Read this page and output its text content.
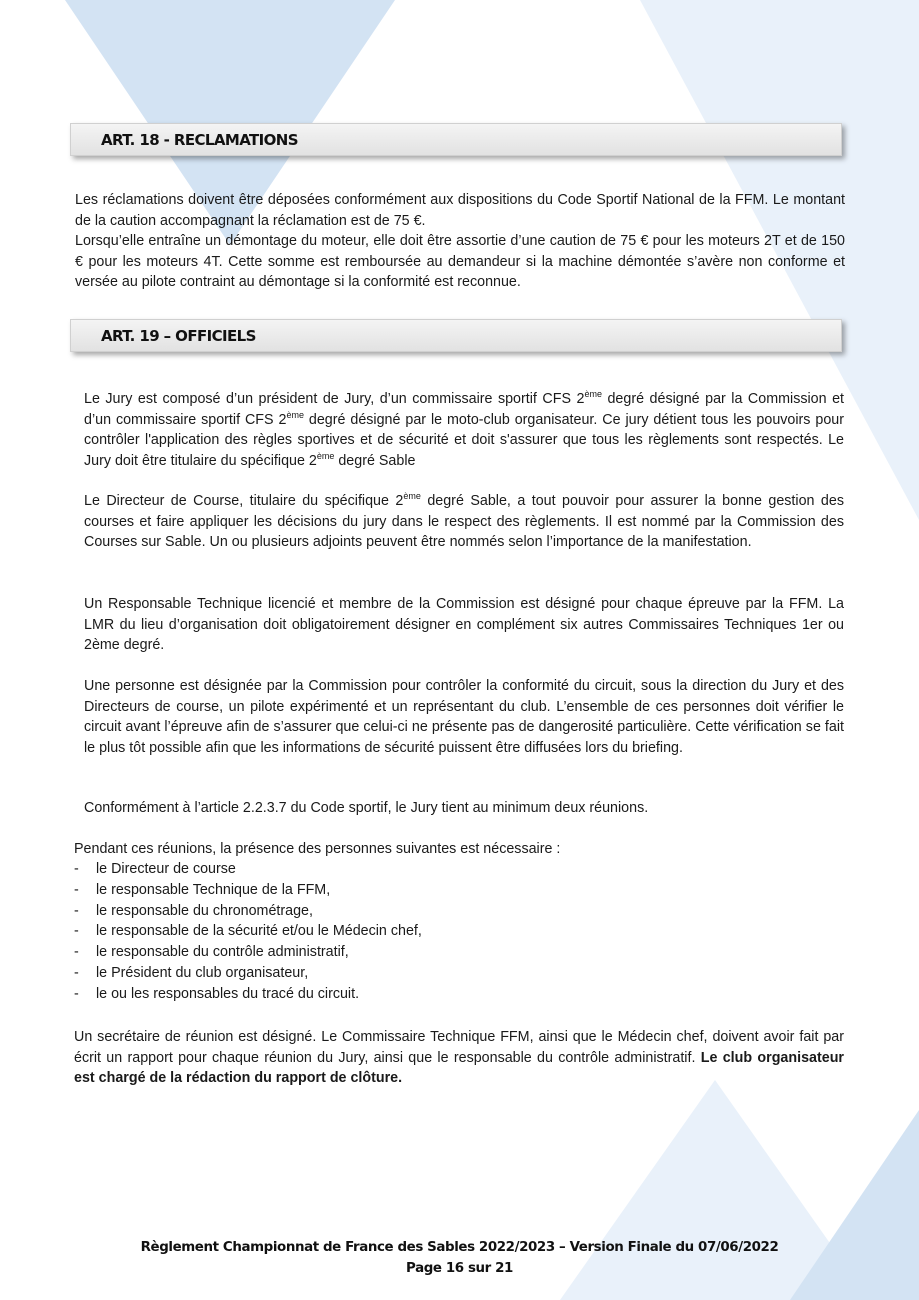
ART. 18 - RECLAMATIONS

Les réclamations doivent être déposées conformément aux dispositions du Code Sportif National de la FFM. Le montant de la caution accompagnant la réclamation est de 75 €.

Lorsqu’elle entraîne un démontage du moteur, elle doit être assortie d’une caution de 75 € pour les moteurs 2T et de 150 € pour les moteurs 4T. Cette somme est remboursée au demandeur si la machine démontée s’avère non conforme et versée au pilote contraint au démontage si la conformité est reconnue.

ART. 19 – OFFICIELS

Le Jury est composé d’un président de Jury, d’un commissaire sportif CFS 2ème degré désigné par la Commission et d’un commissaire sportif CFS 2ème degré désigné par le moto-club organisateur. Ce jury détient tous les pouvoirs pour contrôler l'application des règles sportives et de sécurité et doit s'assurer que tous les règlements sont respectés. Le Jury doit être titulaire du spécifique 2ème degré Sable

Le Directeur de Course, titulaire du spécifique 2ème degré Sable, a tout pouvoir pour assurer la bonne gestion des courses et faire appliquer les décisions du jury dans le respect des règlements. Il est nommé par la Commission des Courses sur Sable. Un ou plusieurs adjoints peuvent être nommés selon l’importance de la manifestation.

Un Responsable Technique licencié et membre de la Commission est désigné pour chaque épreuve par la FFM. La LMR du lieu d’organisation doit obligatoirement désigner en complément six autres Commissaires Techniques 1er ou 2ème degré.

Une personne est désignée par la Commission pour contrôler la conformité du circuit, sous la direction du Jury et des Directeurs de course, un pilote expérimenté et un représentant du club. L’ensemble de ces personnes doit vérifier le circuit avant l’épreuve afin de s’assurer que celui-ci ne présente pas de dangerosité particulière. Cette vérification se fait le plus tôt possible afin que les informations de sécurité puissent être diffusées lors du briefing.

Conformément à l’article 2.2.3.7 du Code sportif, le Jury tient au minimum deux réunions.

Pendant ces réunions, la présence des personnes suivantes est nécessaire :

- le Directeur de course
- le responsable Technique de la FFM,
- le responsable du chronométrage,
- le responsable de la sécurité et/ou le Médecin chef,
- le responsable du contrôle administratif,
- le Président du club organisateur,
- le ou les responsables du tracé du circuit.

Un secrétaire de réunion est désigné. Le Commissaire Technique FFM, ainsi que le Médecin chef, doivent avoir fait par écrit un rapport pour chaque réunion du Jury, ainsi que le responsable du contrôle administratif. Le club organisateur est chargé de la rédaction du rapport de clôture.

Règlement Championnat de France des Sables 2022/2023 – Version Finale du 07/06/2022
Page 16 sur 21
